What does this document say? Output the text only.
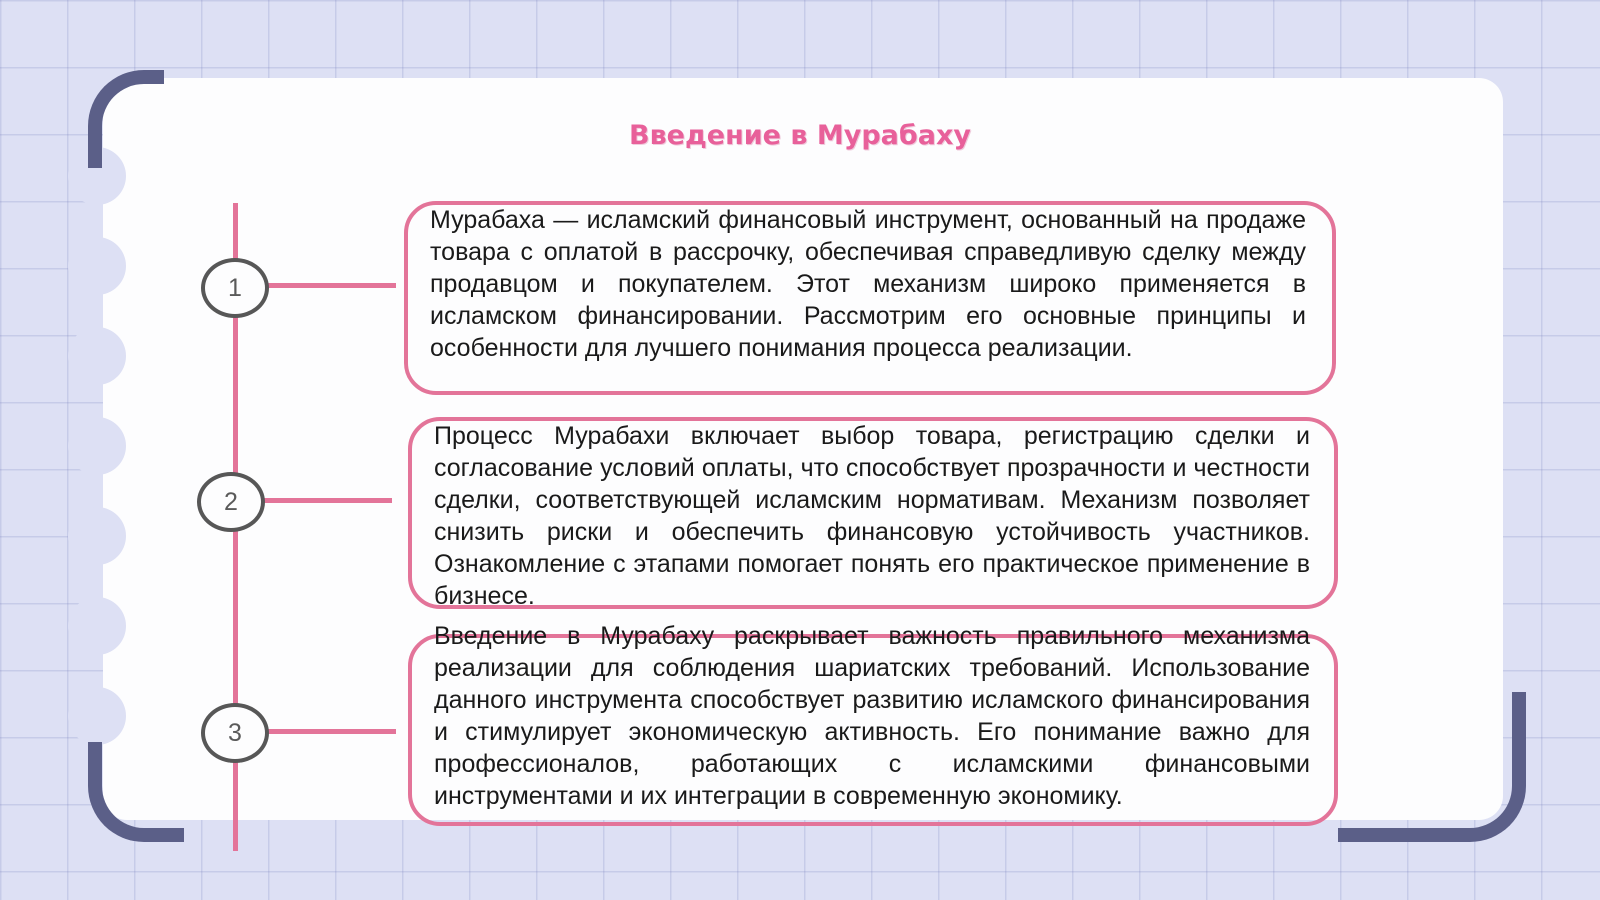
Введение в Мурабаху
1

Мурабаха — исламский финансовый инструмент, основанный на продаже товара с оплатой в рассрочку, обеспечивая справедливую сделку между продавцом и покупателем. Этот механизм широко применяется в исламском финансировании. Рассмотрим его основные принципы и особенности для лучшего понимания процесса реализации.

2

Процесс Мурабахи включает выбор товара, регистрацию сделки и согласование условий оплаты, что способствует прозрачности и честности сделки, соответствующей исламским нормативам. Механизм позволяет снизить риски и обеспечить финансовую устойчивость участников. Ознакомление с этапами помогает понять его практическое применение в бизнесе.

3

Введение в Мурабаху раскрывает важность правильного механизма реализации для соблюдения шариатских требований. Использование данного инструмента способствует развитию исламского финансирования и стимулирует экономическую активность. Его понимание важно для профессионалов, работающих с исламскими финансовыми инструментами и их интеграции в современную экономику.
